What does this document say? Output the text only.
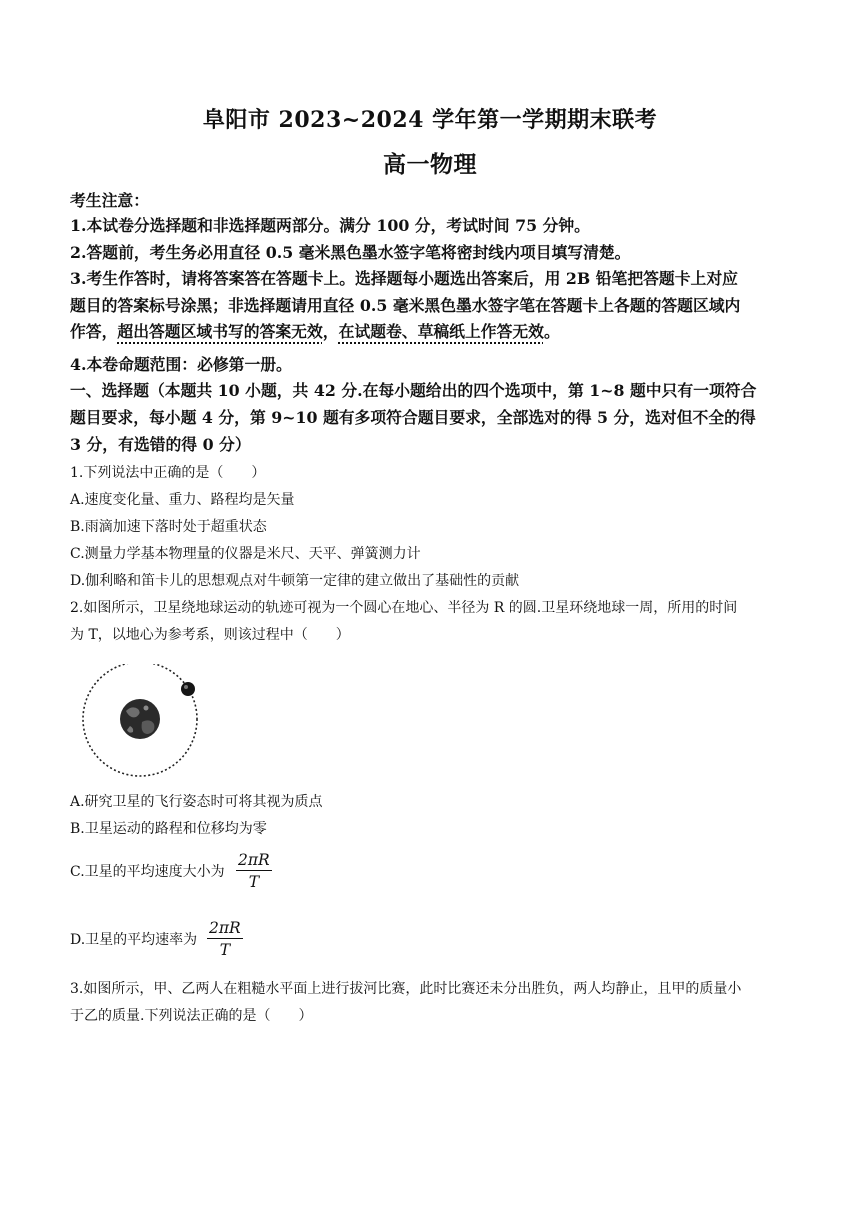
阜阳市 2023~2024 学年第一学期期末联考
高一物理
考生注意：
1.本试卷分选择题和非选择题两部分。满分 100 分，考试时间 75 分钟。
2.答题前，考生务必用直径 0.5 毫米黑色墨水签字笔将密封线内项目填写清楚。
3.考生作答时，请将答案答在答题卡上。选择题每小题选出答案后，用 2B 铅笔把答题卡上对应
题目的答案标号涂黑；非选择题请用直径 0.5 毫米黑色墨水签字笔在答题卡上各题的答题区域内
作答，超出答题区域书写的答案无效，在试题卷、草稿纸上作答无效。
4.本卷命题范围：必修第一册。
一、选择题（本题共 10 小题，共 42 分.在每小题给出的四个选项中，第 1~8 题中只有一项符合
题目要求，每小题 4 分，第 9~10 题有多项符合题目要求，全部选对的得 5 分，选对但不全的得
3 分，有选错的得 0 分）
1.下列说法中正确的是（　　）
A.速度变化量、重力、路程均是矢量
B.雨滴加速下落时处于超重状态
C.测量力学基本物理量的仪器是米尺、天平、弹簧测力计
D.伽利略和笛卡儿的思想观点对牛顿第一定律的建立做出了基础性的贡献
2.如图所示，卫星绕地球运动的轨迹可视为一个圆心在地心、半径为 R 的圆.卫星环绕地球一周，所用的时间
为 T，以地心为参考系，则该过程中（　　）
A.研究卫星的飞行姿态时可将其视为质点
B.卫星运动的路程和位移均为零
C.卫星的平均速度大小为
2πR
T
D.卫星的平均速率为
2πR
T
3.如图所示，甲、乙两人在粗糙水平面上进行拔河比赛，此时比赛还未分出胜负，两人均静止，且甲的质量小
于乙的质量.下列说法正确的是（　　）
